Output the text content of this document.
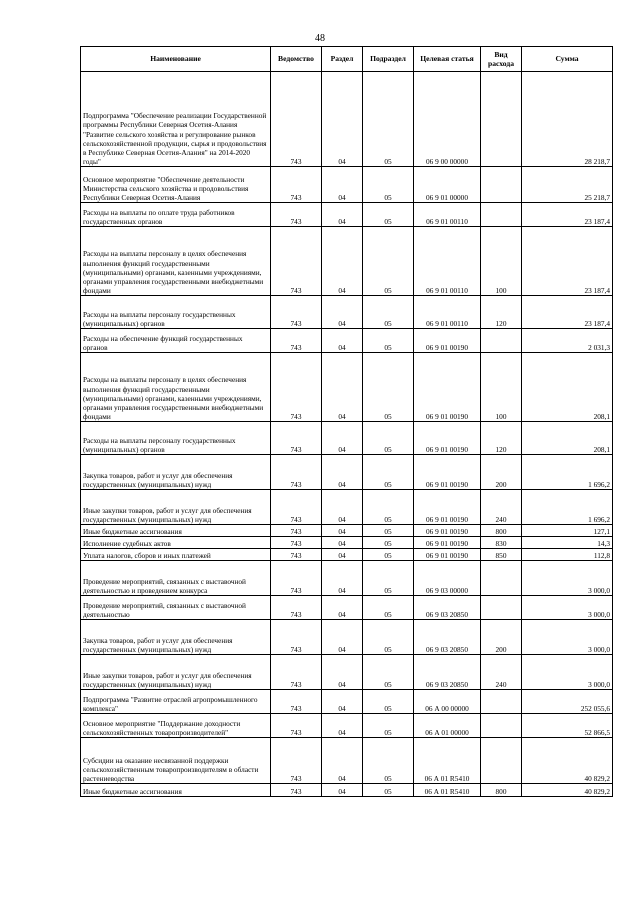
48
Наименование	Ведомство	Раздел	Подраздел	Целевая статья	Вид расхода	Сумма
Подпрограмма "Обеспечение реализации Государственной программы Республики Северная Осетия-Алания "Развитие сельского хозяйства и регулирование рынков сельскохозяйственной продукции, сырья и продовольствия в Республике Северная Осетия-Алания" на 2014-2020 годы"	743	04	05	06 9 00 00000		28 218,7
Основное мероприятие "Обеспечение деятельности Министерства сельского хозяйства и продовольствия Республики Северная Осетия-Алания	743	04	05	06 9 01 00000		25 218,7
Расходы на выплаты по оплате труда работников государственных органов	743	04	05	06 9 01 00110		23 187,4
Расходы на выплаты персоналу в целях обеспечения выполнения функций государственными (муниципальными) органами, казенными учреждениями, органами управления государственными внебюджетными фондами	743	04	05	06 9 01 00110	100	23 187,4
Расходы на выплаты персоналу государственных (муниципальных) органов	743	04	05	06 9 01 00110	120	23 187,4
Расходы на обеспечение функций государственных органов	743	04	05	06 9 01 00190		2 031,3
Расходы на выплаты персоналу в целях обеспечения выполнения функций государственными (муниципальными) органами, казенными учреждениями, органами управления государственными внебюджетными фондами	743	04	05	06 9 01 00190	100	208,1
Расходы на выплаты персоналу государственных (муниципальных) органов	743	04	05	06 9 01 00190	120	208,1
Закупка товаров, работ и услуг для обеспечения государственных (муниципальных) нужд	743	04	05	06 9 01 00190	200	1 696,2
Иные закупки товаров, работ и услуг для обеспечения государственных (муниципальных) нужд	743	04	05	06 9 01 00190	240	1 696,2
Иные бюджетные ассигнования	743	04	05	06 9 01 00190	800	127,1
Исполнение судебных актов	743	04	05	06 9 01 00190	830	14,3
Уплата налогов, сборов и иных платежей	743	04	05	06 9 01 00190	850	112,8
Проведение мероприятий, связанных с выставочной деятельностью и проведением конкурса	743	04	05	06 9 03 00000		3 000,0
Проведение мероприятий, связанных с выставочной деятельностью	743	04	05	06 9 03 20850		3 000,0
Закупка товаров, работ и услуг для обеспечения государственных (муниципальных) нужд	743	04	05	06 9 03 20850	200	3 000,0
Иные закупки товаров, работ и услуг для обеспечения государственных (муниципальных) нужд	743	04	05	06 9 03 20850	240	3 000,0
Подпрограмма "Развитие отраслей агропромышленного комплекса"	743	04	05	06 А 00 00000		252 055,6
Основное мероприятие "Поддержание доходности сельскохозяйственных товаропроизводителей"	743	04	05	06 А 01 00000		52 866,5
Субсидии на оказание несвязанной поддержки сельскохозяйственным товаропроизводителям в области растениеводства	743	04	05	06 А 01 R5410		40 829,2
Иные бюджетные ассигнования	743	04	05	06 А 01 R5410	800	40 829,2
